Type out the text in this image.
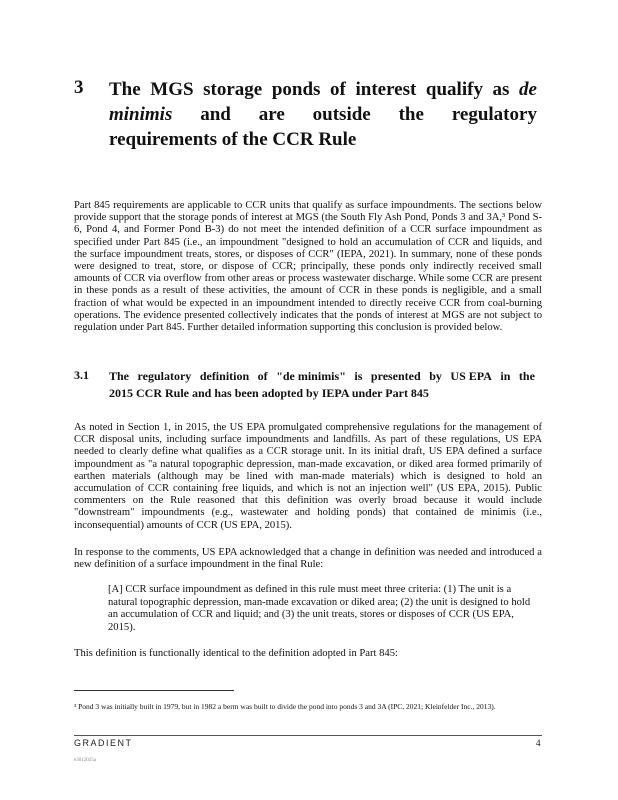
3 The MGS storage ponds of interest qualify as de
minimis and are outside the regulatory
requirements of the CCR Rule
Part 845 requirements are applicable to CCR units that qualify as surface impoundments. The sections below provide support that the storage ponds of interest at MGS (the South Fly Ash Pond, Ponds 3 and 3A,³ Pond S-6, Pond 4, and Former Pond B-3) do not meet the intended definition of a CCR surface impoundment as specified under Part 845 (i.e., an impoundment "designed to hold an accumulation of CCR and liquids, and the surface impoundment treats, stores, or disposes of CCR" (IEPA, 2021). In summary, none of these ponds were designed to treat, store, or dispose of CCR; principally, these ponds only indirectly received small amounts of CCR via overflow from other areas or process wastewater discharge. While some CCR are present in these ponds as a result of these activities, the amount of CCR in these ponds is negligible, and a small fraction of what would be expected in an impoundment intended to directly receive CCR from coal-burning operations. The evidence presented collectively indicates that the ponds of interest at MGS are not subject to regulation under Part 845. Further detailed information supporting this conclusion is provided below.
3.1 The regulatory definition of "de minimis" is presented by US EPA in the
2015 CCR Rule and has been adopted by IEPA under Part 845
As noted in Section 1, in 2015, the US EPA promulgated comprehensive regulations for the management of CCR disposal units, including surface impoundments and landfills. As part of these regulations, US EPA needed to clearly define what qualifies as a CCR storage unit. In its initial draft, US EPA defined a surface impoundment as "a natural topographic depression, man-made excavation, or diked area formed primarily of earthen materials (although may be lined with man-made materials) which is designed to hold an accumulation of CCR containing free liquids, and which is not an injection well" (US EPA, 2015). Public commenters on the Rule reasoned that this definition was overly broad because it would include "downstream" impoundments (e.g., wastewater and holding ponds) that contained de minimis (i.e., inconsequential) amounts of CCR (US EPA, 2015).
In response to the comments, US EPA acknowledged that a change in definition was needed and introduced a new definition of a surface impoundment in the final Rule:
[A] CCR surface impoundment as defined in this rule must meet three criteria: (1) The unit is a natural topographic depression, man-made excavation or diked area; (2) the unit is designed to hold an accumulation of CCR and liquid; and (3) the unit treats, stores or disposes of CCR (US EPA, 2015).
This definition is functionally identical to the definition adopted in Part 845:
³ Pond 3 was initially built in 1979, but in 1982 a berm was built to divide the pond into ponds 3 and 3A (IPC, 2021; Kleinfelder Inc., 2013).
GRADIENT	4
e3012025a
